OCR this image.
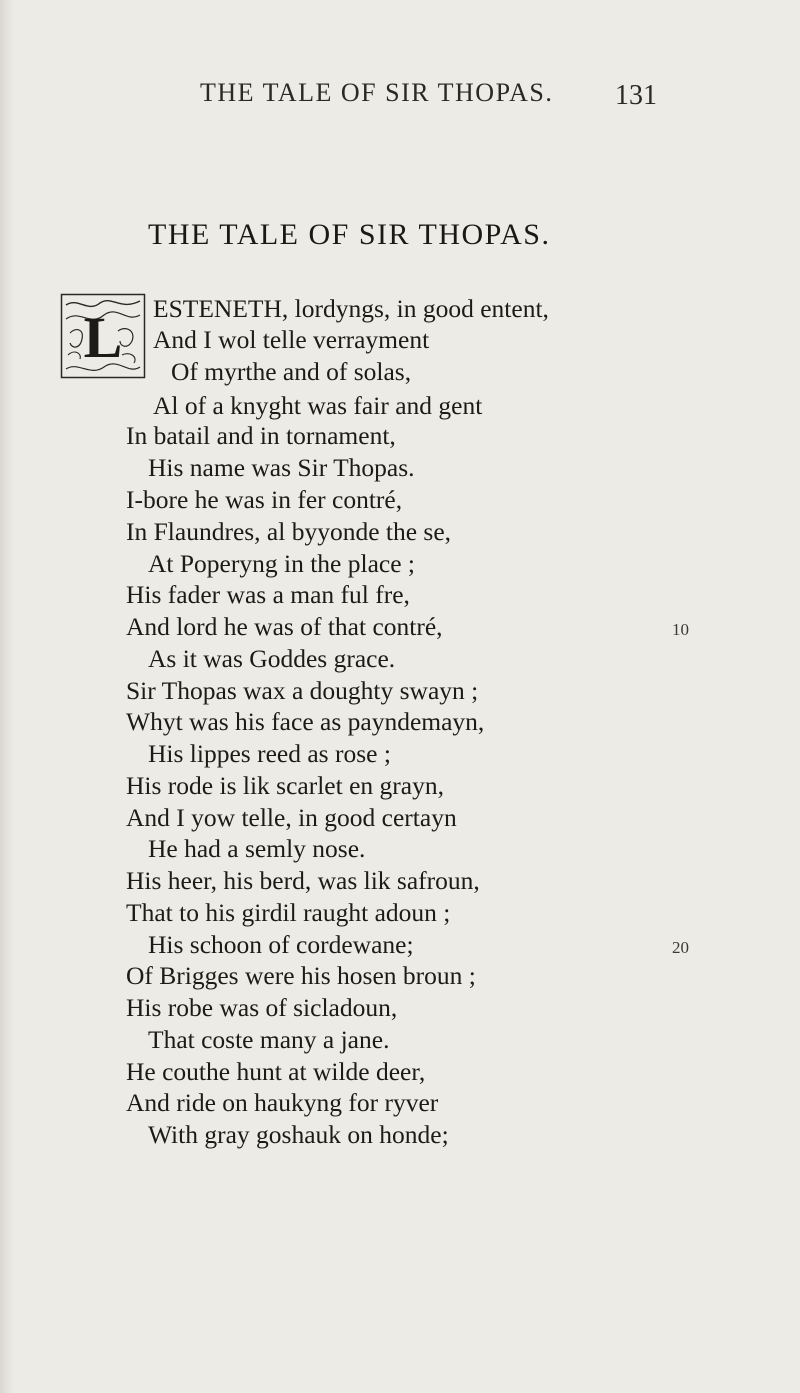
THE TALE OF SIR THOPAS. 131
THE TALE OF SIR THOPAS.
L ESTENETH, lordyngs, in good entent,
And I wol telle verrayment
Of myrthe and of solas,
Al of a knyght was fair and gent
In batail and in tornament,
His name was Sir Thopas.
I-bore he was in fer contré,
In Flaundres, al byyonde the se,
At Poperyng in the place ;
His fader was a man ful fre,
And lord he was of that contré,
As it was Goddes grace.
Sir Thopas wax a doughty swayn ;
Whyt was his face as payndemayn,
His lippes reed as rose ;
His rode is lik scarlet en grayn,
And I yow telle, in good certayn
He had a semly nose.
His heer, his berd, was lik safroun,
That to his girdil raught adoun ;
His schoon of cordewane;
Of Brigges were his hosen broun ;
His robe was of sicladoun,
That coste many a jane.
He couthe hunt at wilde deer,
And ride on haukyng for ryver
With gray goshauk on honde;
10
20
